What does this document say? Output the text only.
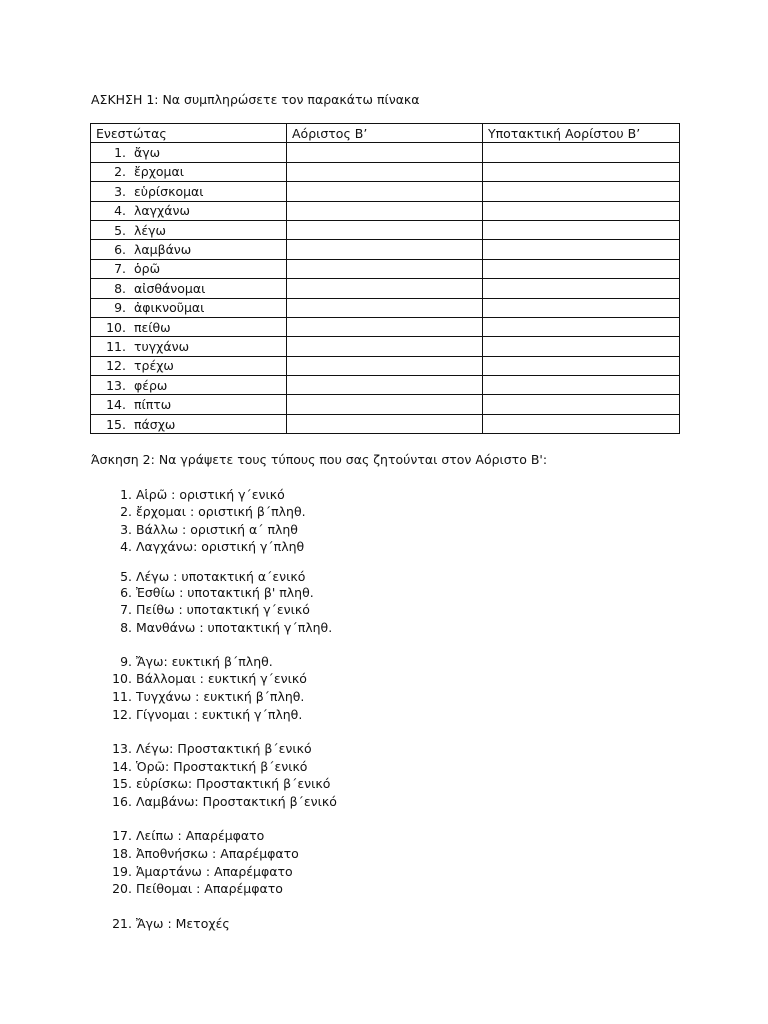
ΑΣΚΗΣΗ 1: Να συμπληρώσετε τον παρακάτω πίνακα
Ενεστώτας	Αόριστος Β’	Υποτακτική Αορίστου Β’
1. ἄγω		
2. ἔρχομαι		
3. εὑρίσκομαι		
4. λαγχάνω		
5. λέγω		
6. λαμβάνω		
7. ὁρῶ		
8. αἰσθάνομαι		
9. ἀφικνοῦμαι		
10. πείθω		
11. τυγχάνω		
12. τρέχω		
13. φέρω		
14. πίπτω		
15. πάσχω		
Άσκηση 2: Να γράψετε τους τύπους που σας ζητούνται στον Αόριστο Β':
1. Αἱρῶ : οριστική γ΄ενικό
2. ἔρχομαι : οριστική β΄πληθ.
3. Βάλλω : οριστική α΄ πληθ
4. Λαγχάνω: οριστική γ΄πληθ
5. Λέγω : υποτακτική α΄ενικό
6. Ἐσθίω : υποτακτική β' πληθ.
7. Πείθω : υποτακτική γ΄ενικό
8. Μανθάνω : υποτακτική γ΄πληθ.
9. Ἄγω: ευκτική β΄πληθ.
10. Βάλλομαι : ευκτική γ΄ενικό
11. Τυγχάνω : ευκτική β΄πληθ.
12. Γίγνομαι : ευκτική γ΄πληθ.
13. Λέγω: Προστακτική β΄ενικό
14. Ὁρῶ: Προστακτική β΄ενικό
15. εὑρίσκω: Προστακτική β΄ενικό
16. Λαμβάνω: Προστακτική β΄ενικό
17. Λείπω : Απαρέμφατο
18. Ἀποθνήσκω : Απαρέμφατο
19. Ἁμαρτάνω : Απαρέμφατο
20. Πείθομαι : Απαρέμφατο
21. Ἄγω : Μετοχές
